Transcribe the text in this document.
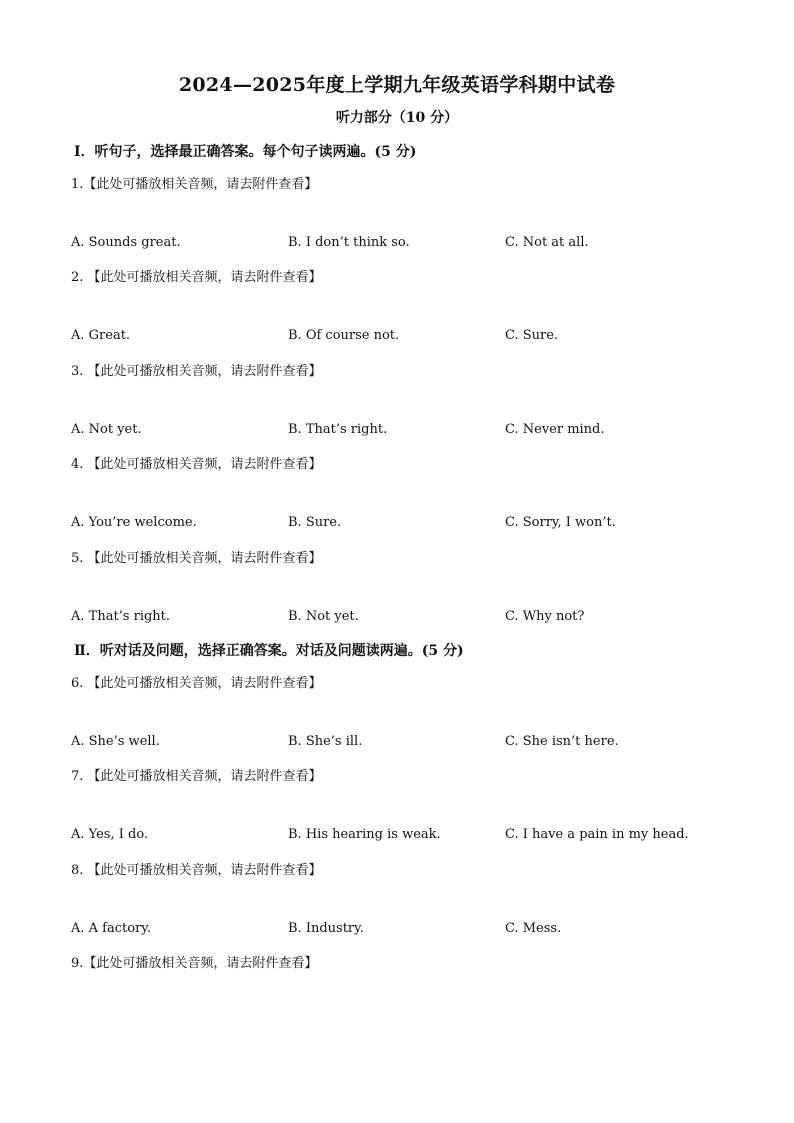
2024—2025年度上学期九年级英语学科期中试卷
听力部分（10 分）
Ⅰ．听句子，选择最正确答案。每个句子读两遍。(5 分)
1.【此处可播放相关音频，请去附件查看】
A. Sounds great.	B. I don’t think so.	C. Not at all.
2. 【此处可播放相关音频，请去附件查看】
A. Great.	B. Of course not.	C. Sure.
3. 【此处可播放相关音频，请去附件查看】
A. Not yet.	B. That’s right.	C. Never mind.
4. 【此处可播放相关音频，请去附件查看】
A. You’re welcome.	B. Sure.	C. Sorry, I won’t.
5. 【此处可播放相关音频，请去附件查看】
A. That’s right.	B. Not yet.	C. Why not?
Ⅱ．听对话及问题，选择正确答案。对话及问题读两遍。(5 分)
6. 【此处可播放相关音频，请去附件查看】
A. She’s well.	B. She’s ill.	C. She isn’t here.
7. 【此处可播放相关音频，请去附件查看】
A. Yes, I do.	B. His hearing is weak.	C. I have a pain in my head.
8. 【此处可播放相关音频，请去附件查看】
A. A factory.	B. Industry.	C. Mess.
9.【此处可播放相关音频，请去附件查看】
